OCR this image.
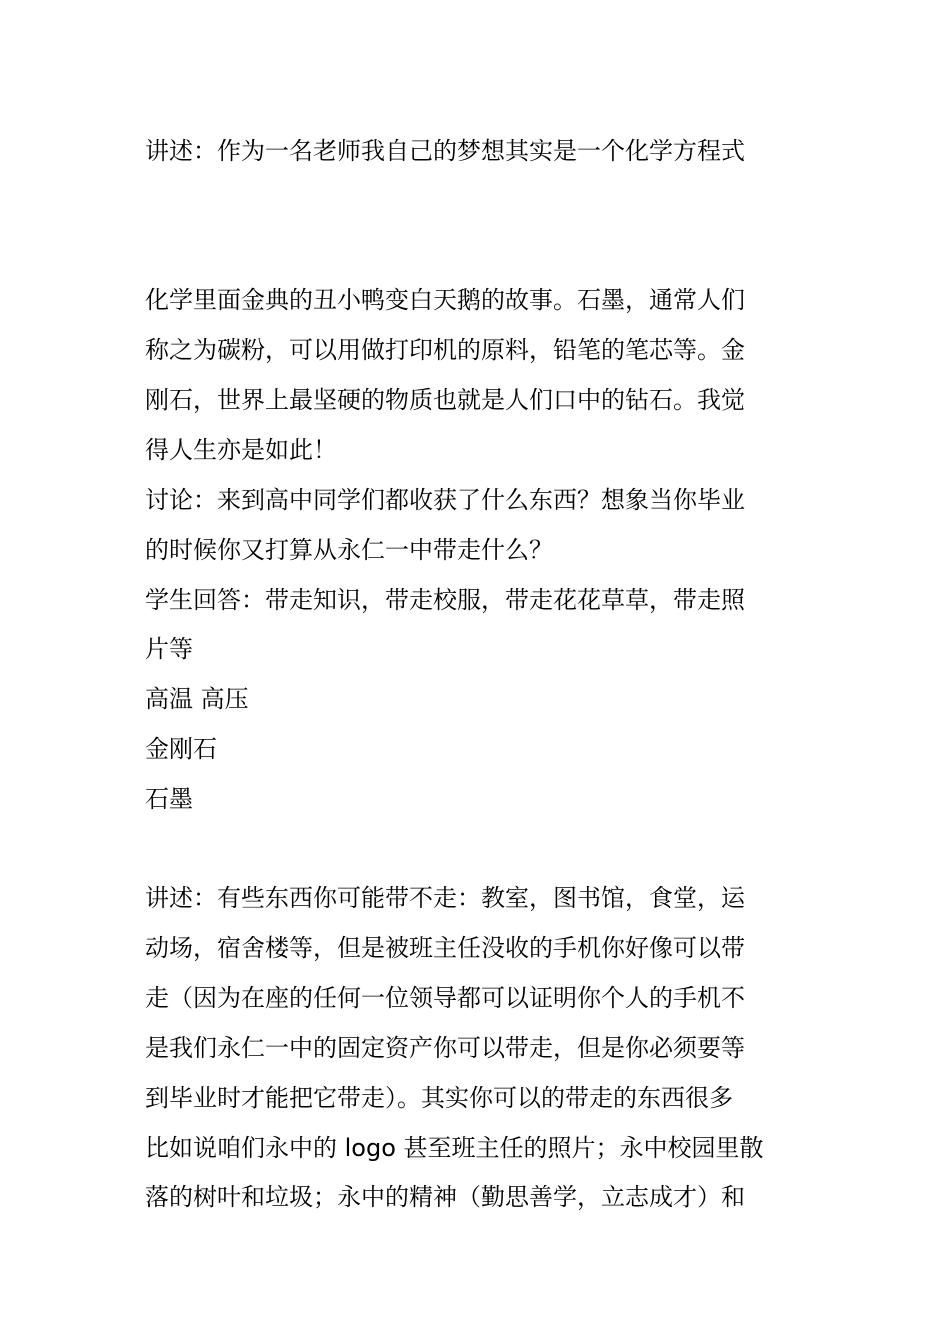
讲述：作为一名老师我自己的梦想其实是一个化学方程式
化学里面金典的丑小鸭变白天鹅的故事。石墨，通常人们
称之为碳粉，可以用做打印机的原料，铅笔的笔芯等。金
刚石，世界上最坚硬的物质也就是人们口中的钻石。我觉
得人生亦是如此！
讨论：来到高中同学们都收获了什么东西？想象当你毕业
的时候你又打算从永仁一中带走什么？
学生回答：带走知识，带走校服，带走花花草草，带走照
片等
高温 高压
金刚石
石墨
讲述：有些东西你可能带不走：教室，图书馆，食堂，运
动场，宿舍楼等，但是被班主任没收的手机你好像可以带
走（因为在座的任何一位领导都可以证明你个人的手机不
是我们永仁一中的固定资产你可以带走，但是你必须要等
到毕业时才能把它带走）。其实你可以的带走的东西很多
比如说咱们永中的 logo 甚至班主任的照片；永中校园里散
落的树叶和垃圾；永中的精神（勤思善学，立志成才）和
